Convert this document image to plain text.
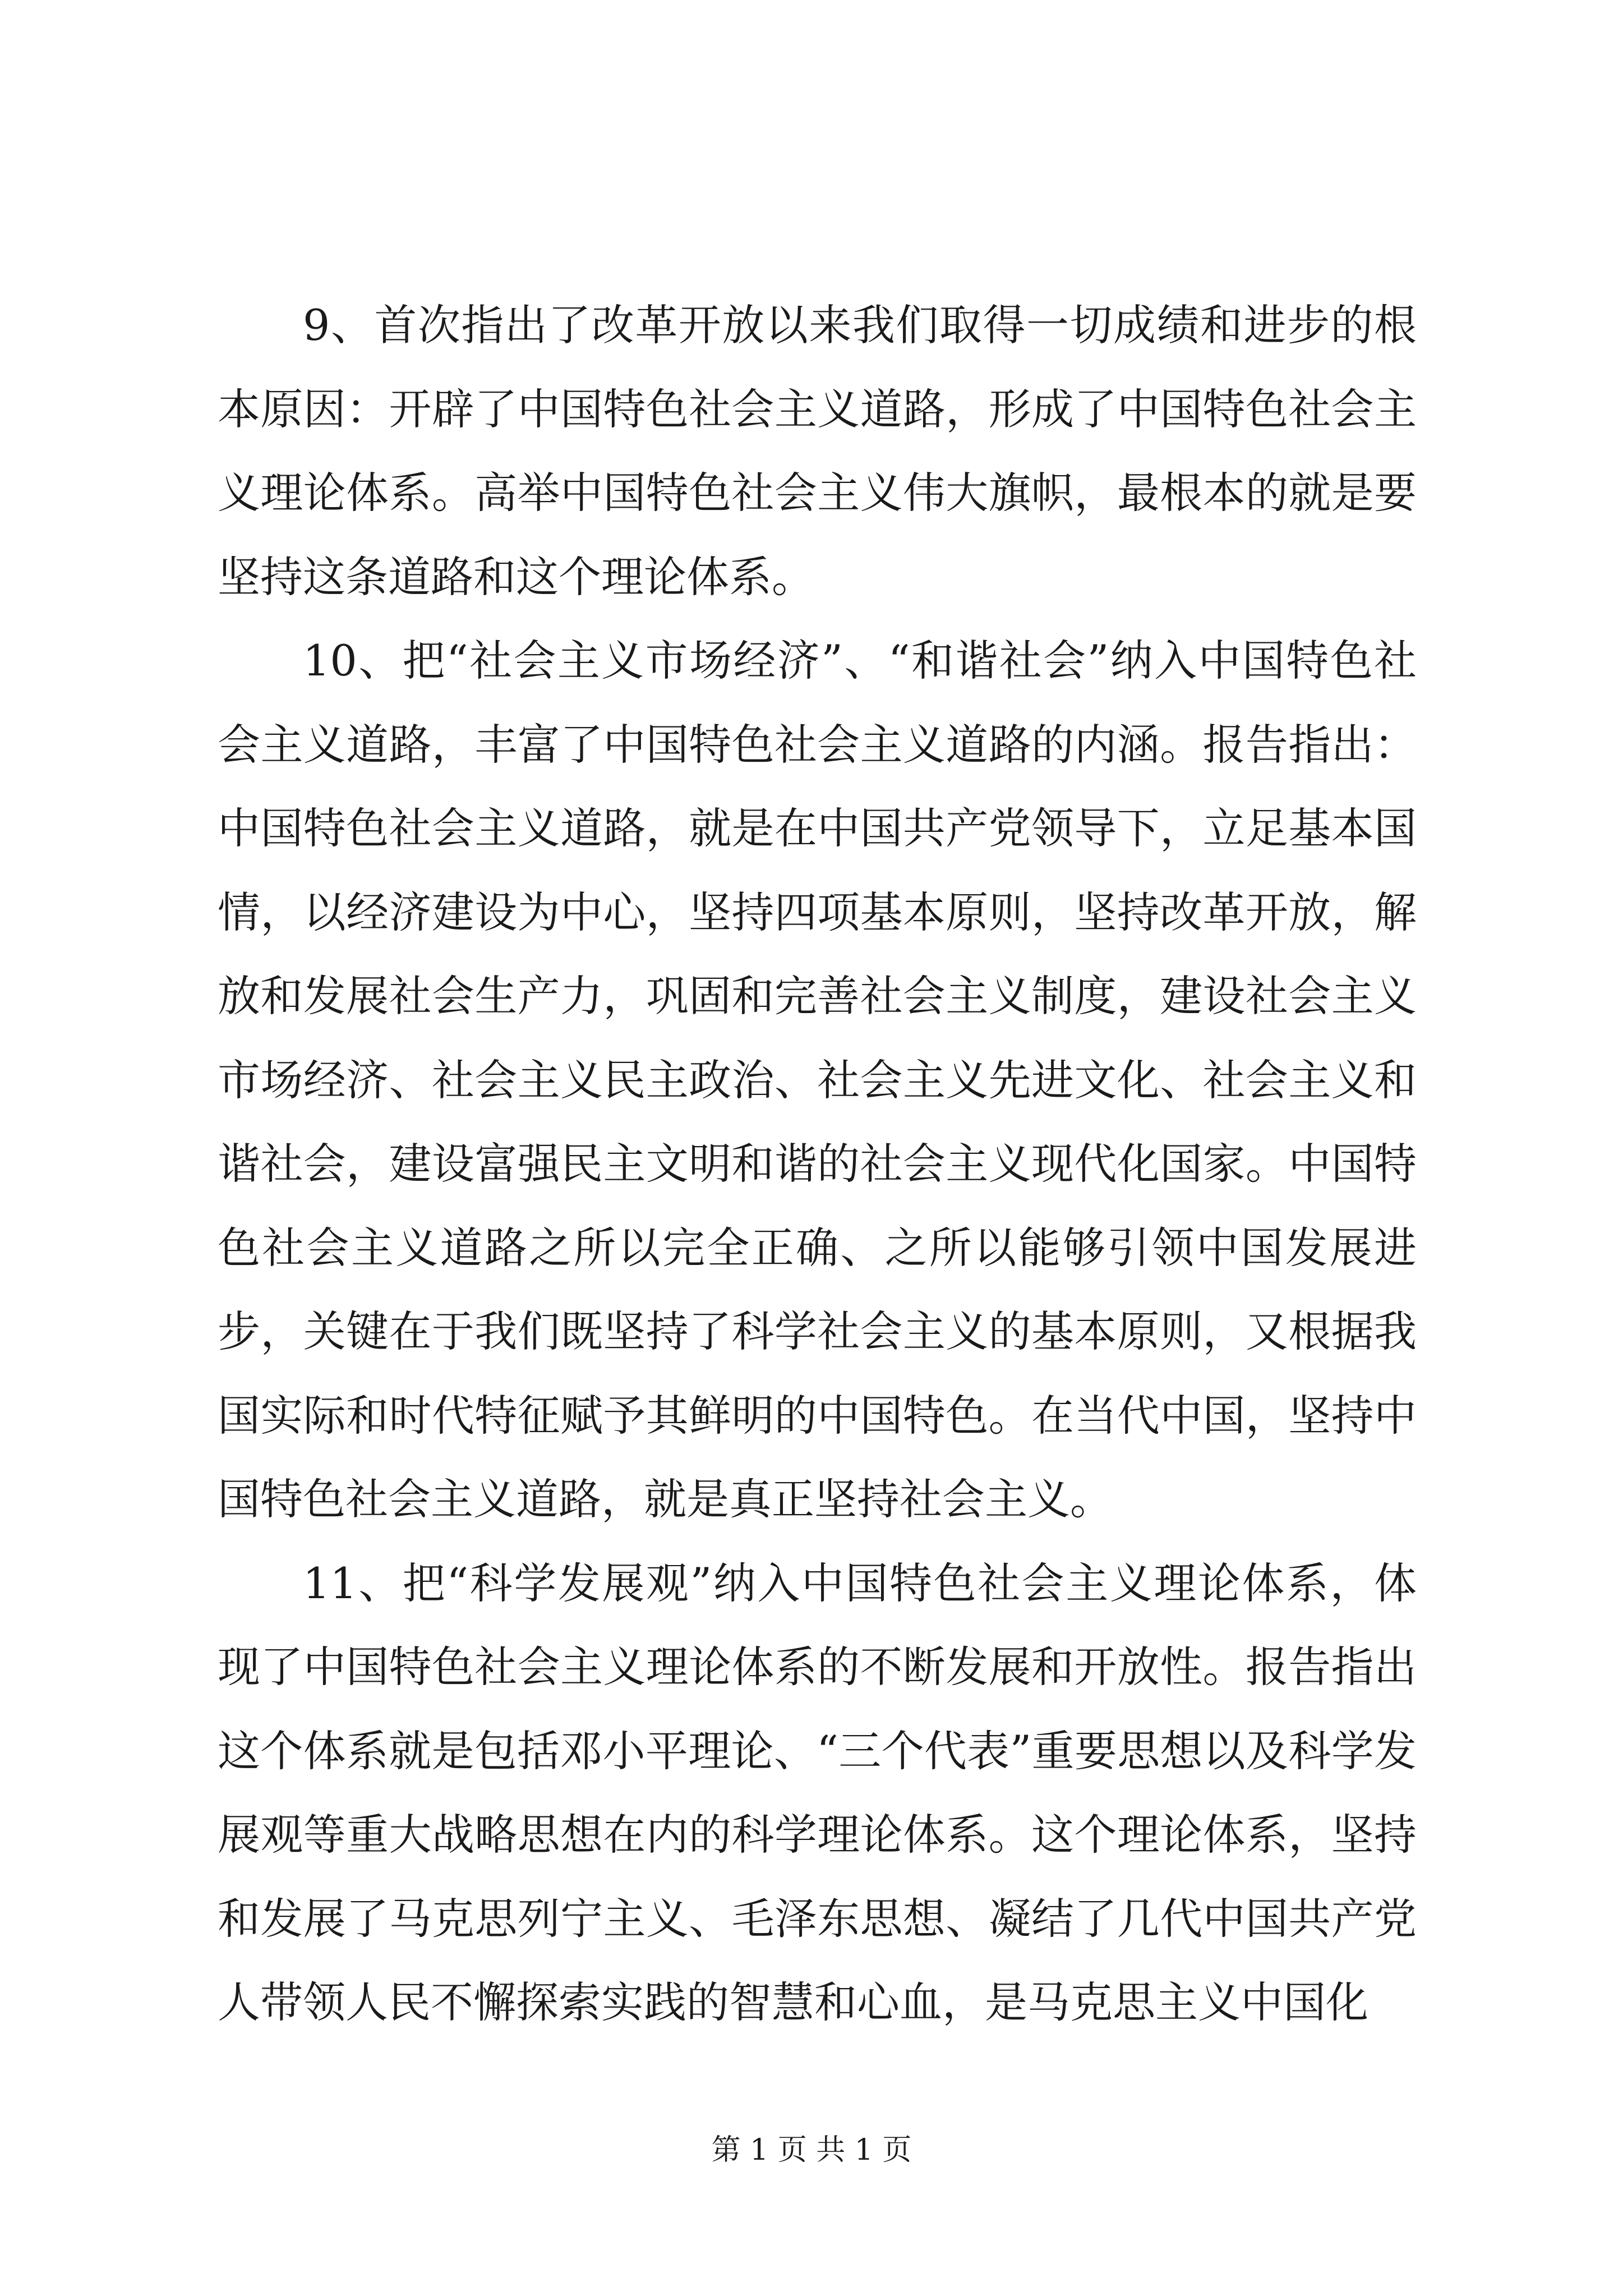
9、首次指出了改革开放以来我们取得一切成绩和进步的根本原因：开辟了中国特色社会主义道路，形成了中国特色社会主义理论体系。高举中国特色社会主义伟大旗帜，最根本的就是要坚持这条道路和这个理论体系。

10、把“社会主义市场经济”、“和谐社会”纳入中国特色社会主义道路，丰富了中国特色社会主义道路的内涵。报告指出：中国特色社会主义道路，就是在中国共产党领导下，立足基本国情，以经济建设为中心，坚持四项基本原则，坚持改革开放，解放和发展社会生产力，巩固和完善社会主义制度，建设社会主义市场经济、社会主义民主政治、社会主义先进文化、社会主义和谐社会，建设富强民主文明和谐的社会主义现代化国家。中国特色社会主义道路之所以完全正确、之所以能够引领中国发展进步，关键在于我们既坚持了科学社会主义的基本原则，又根据我国实际和时代特征赋予其鲜明的中国特色。在当代中国，坚持中国特色社会主义道路，就是真正坚持社会主义。

11、把“科学发展观”纳入中国特色社会主义理论体系，体现了中国特色社会主义理论体系的不断发展和开放性。报告指出这个体系就是包括邓小平理论、“三个代表”重要思想以及科学发展观等重大战略思想在内的科学理论体系。这个理论体系，坚持和发展了马克思列宁主义、毛泽东思想、凝结了几代中国共产党人带领人民不懈探索实践的智慧和心血，是马克思主义中国化

第 1 页 共 1 页
